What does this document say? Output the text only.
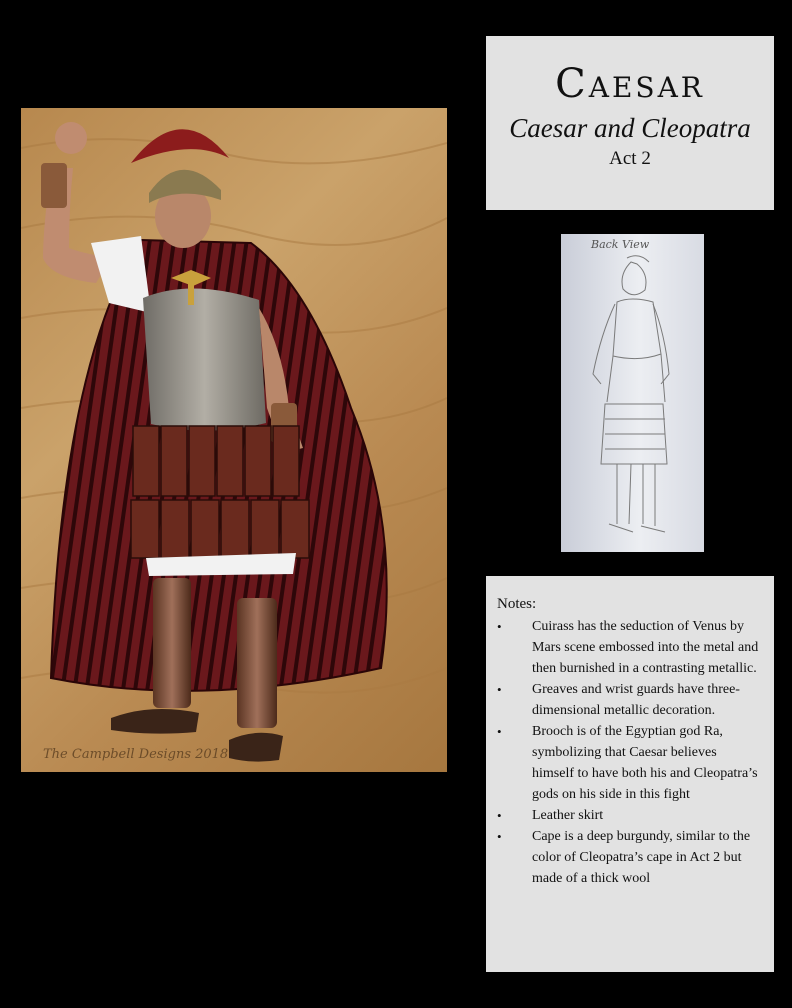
Caesar
Caesar and Cleopatra
Act 2
The Campbell Designs 2018
Back View
Notes:
• Cuirass has the seduction of Venus by Mars scene embossed into the metal and then burnished in a contrasting metallic.
• Greaves and wrist guards have three-dimensional metallic decoration.
• Brooch is of the Egyptian god Ra, symbolizing that Caesar believes himself to have both his and Cleopatra’s gods on his side in this fight
• Leather skirt
• Cape is a deep burgundy, similar to the color of Cleopatra’s cape in Act 2 but made of a thick wool
